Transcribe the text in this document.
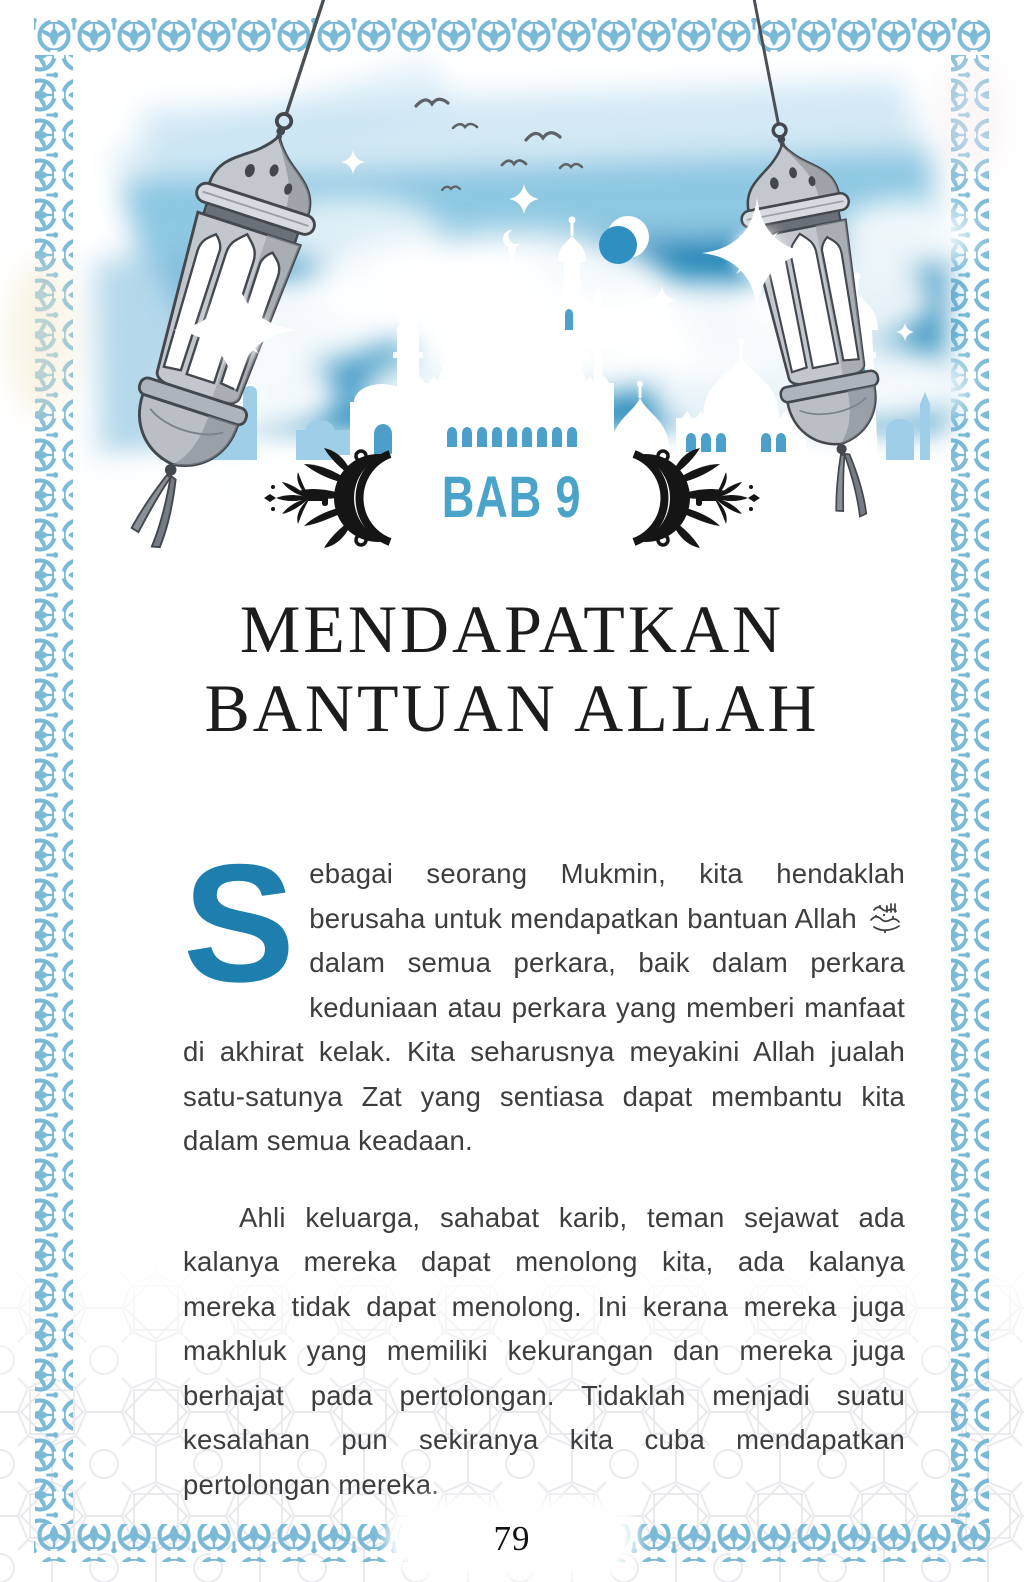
BAB 9
MENDAPATKAN
BANTUAN ALLAH

Sebagai seorang Mukmin, kita hendaklah berusaha untuk mendapatkan bantuan Allah
dalam semua perkara, baik dalam perkara keduniaan atau perkara yang memberi manfaat di akhirat kelak. Kita seharusnya meyakini Allah jualah satu-satunya Zat yang sentiasa dapat membantu kita dalam semua keadaan.

Ahli keluarga, sahabat karib, teman sejawat ada kalanya mereka dapat menolong kita, ada kalanya mereka tidak dapat menolong. Ini kerana mereka juga makhluk yang memiliki kekurangan dan mereka juga berhajat pada pertolongan. Tidaklah menjadi suatu kesalahan pun sekiranya kita cuba mendapatkan pertolongan mereka.

79
